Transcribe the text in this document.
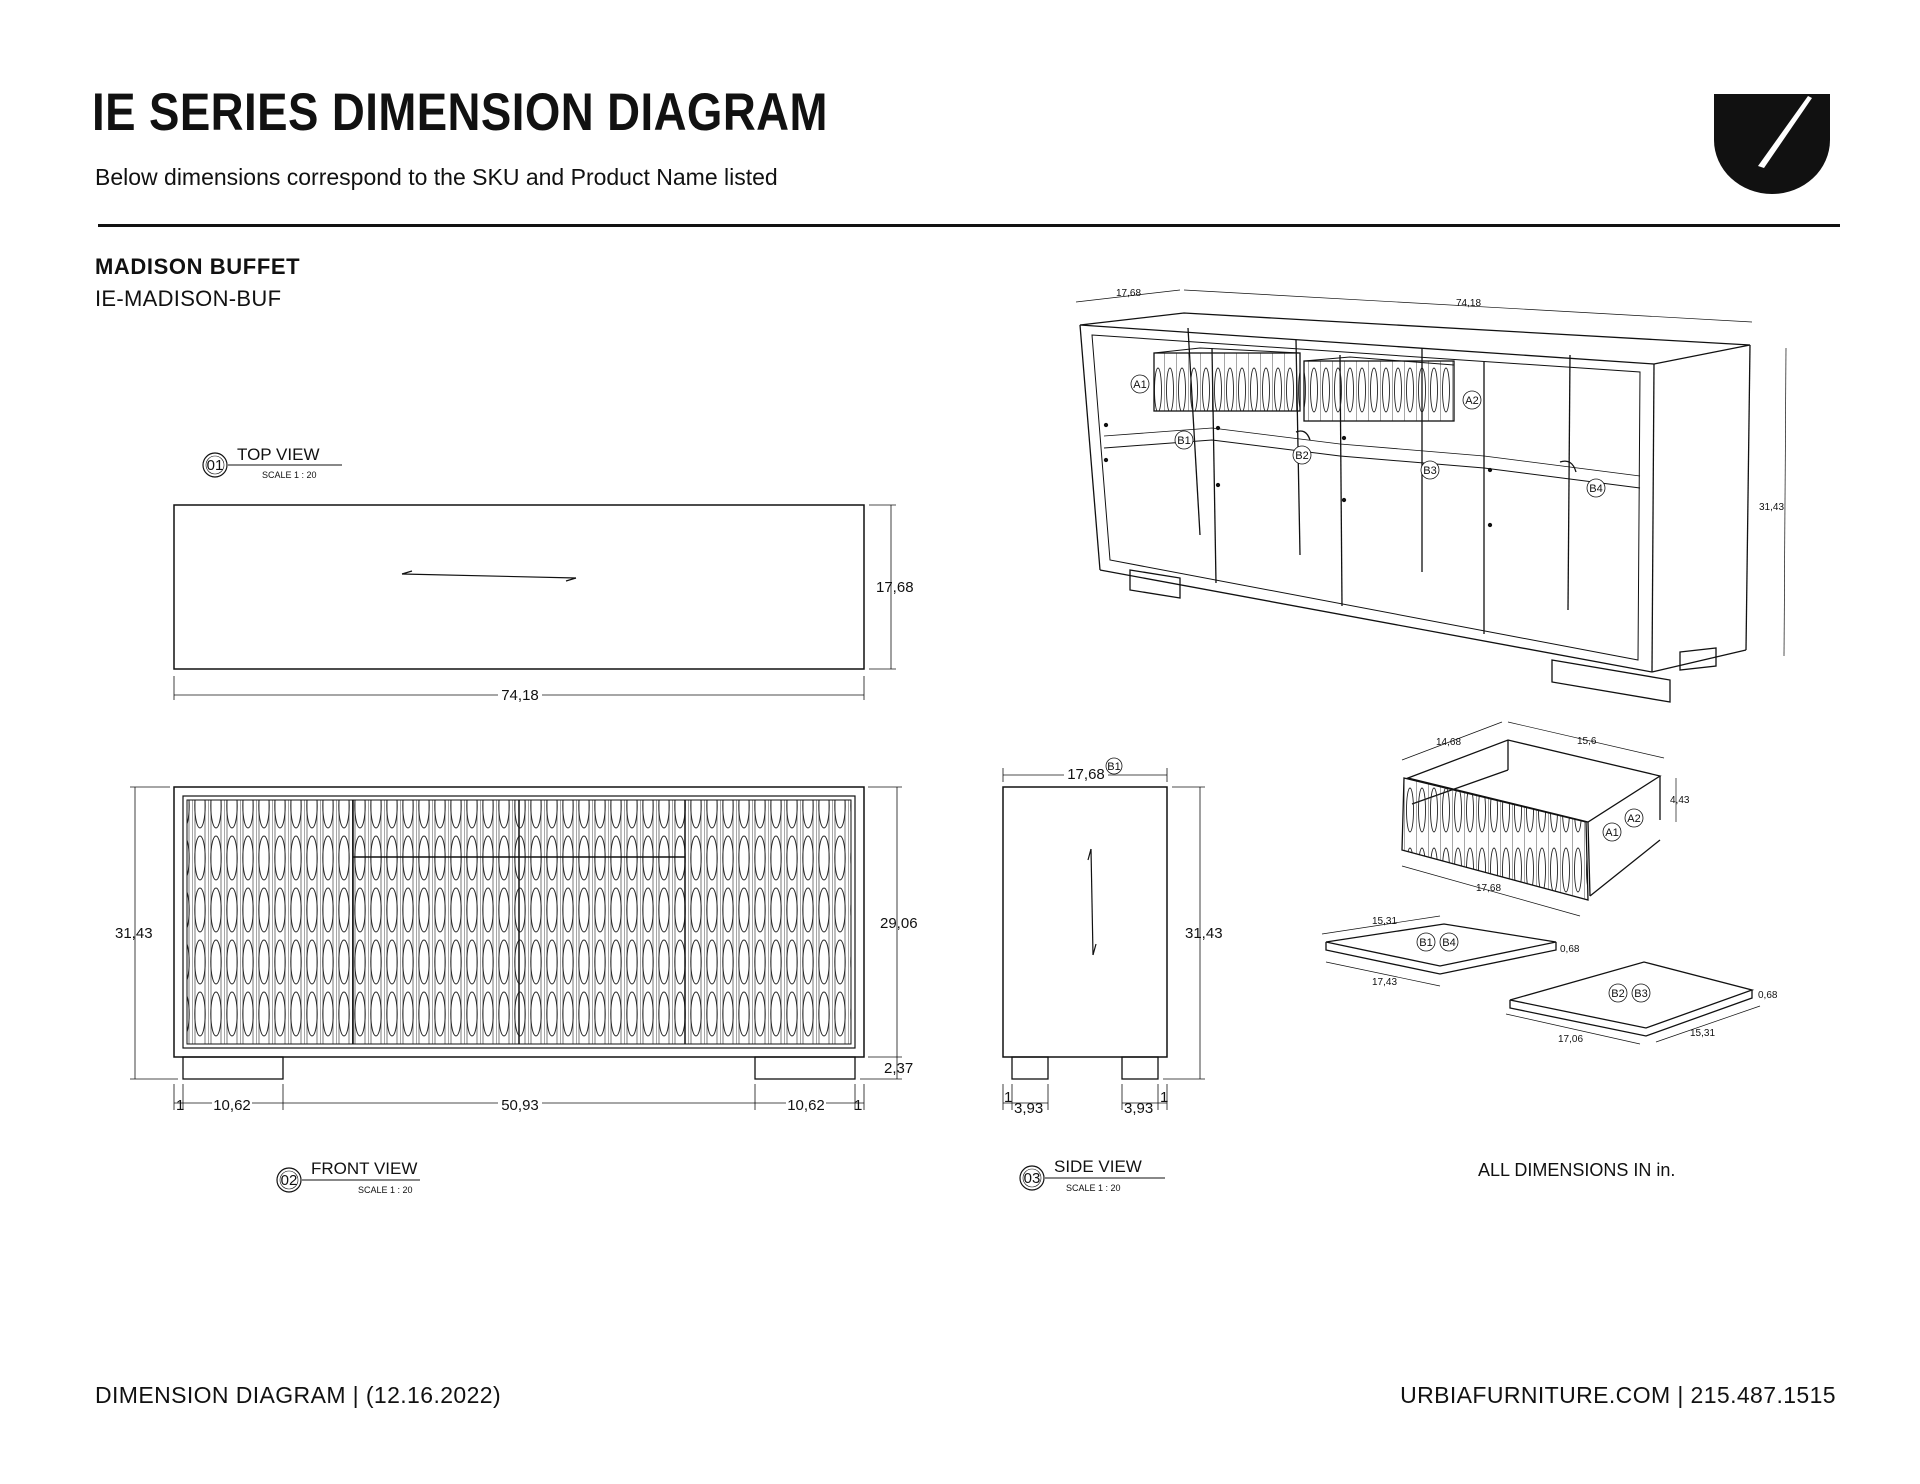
IE SERIES DIMENSION DIAGRAM
Below dimensions correspond to the SKU and Product Name listed
MADISON BUFFET
IE-MADISON-BUF
01
TOP VIEW
SCALE 1 : 20
17,68
74,18
31,43
29,06
2,37
1 10,62	50,93	10,62 1
02
FRONT VIEW
SCALE 1 : 20
17,68 B1
31,43
1
3,93	3,93
1
03
SIDE VIEW
SCALE 1 : 20
A1
A2
B1
B2
B3
B4
17,68
74,18
31,43
A1
A2
14,68	15,6
4,43
17,68
B1 B4
15,31
17,43
0,68
B2 B3
17,06
15,31
0,68
ALL DIMENSIONS IN in.
DIMENSION DIAGRAM | (12.16.2022)	URBIAFURNITURE.COM | 215.487.1515
